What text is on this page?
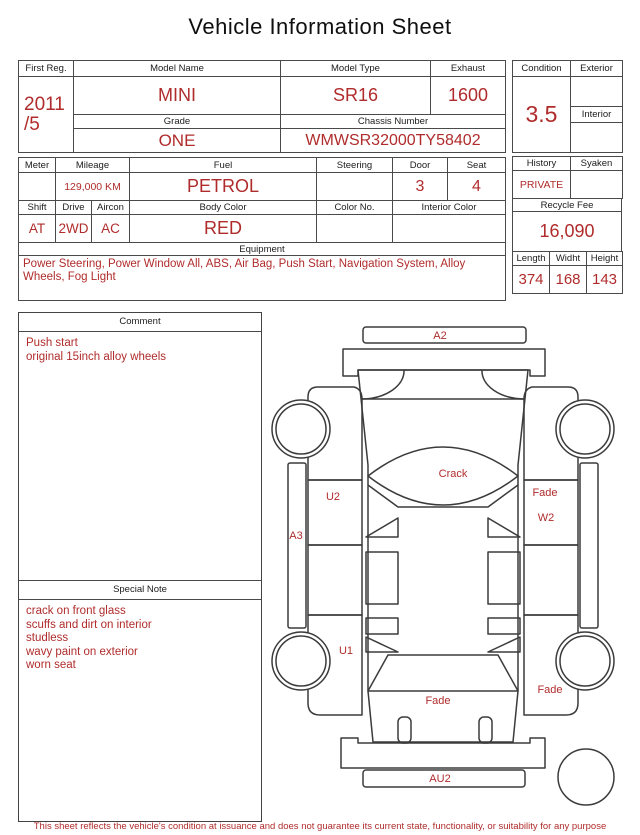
Vehicle Information Sheet
First Reg.	Model Name	Model Type	Exhaust

2011
/5	MINI	SR16	1600
	Grade	Chassis Number	
	ONE	WMWSR32000TY58402	
Condition	Exterior
3.5	
	Interior

Meter	Mileage		Fuel	Steering	Door	Seat
	129,000 KM		PETROL		3	4
Shift	Drive	Aircon	Body Color	Color No.	Interior Color	
AT	2WD	AC	RED			
Equipment						
Power Steering, Power Window All, ABS, Air Bag, Push Start, Navigation System, Alloy Wheels, Fog Light						
History	Syaken
PRIVATE	
Recycle Fee
16,090
Length	Widht	Height
374	168	143
Comment
Push start
original 15inch alloy wheels
Special Note
crack on front glass
scuffs and dirt on interior
studless
wavy paint on exterior
worn seat
A2
Crack
U2	Fade
W2
A3
U1
Fade
Fade
AU2
This sheet reflects the vehicle's condition at issuance and does not guarantee its current state, functionality, or suitability for any purpose
